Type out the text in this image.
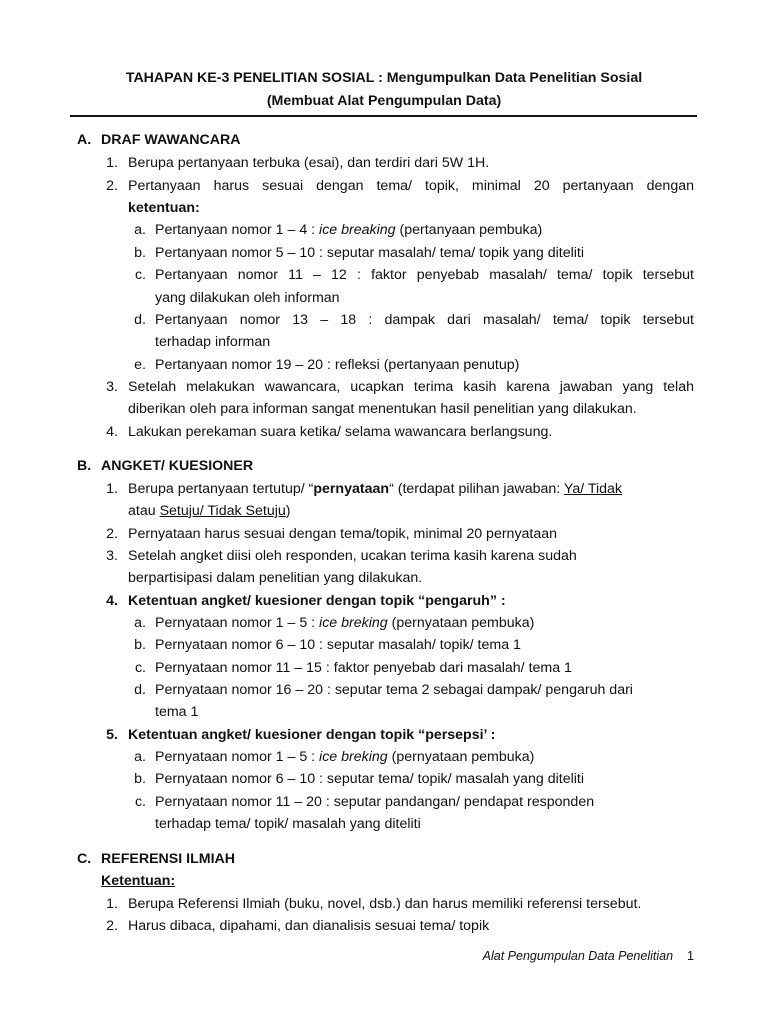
TAHAPAN KE-3 PENELITIAN SOSIAL : Mengumpulkan Data Penelitian Sosial
(Membuat Alat Pengumpulan Data)
A. DRAF WAWANCARA
1. Berupa pertanyaan terbuka (esai), dan terdiri dari 5W 1H.
2. Pertanyaan harus sesuai dengan tema/ topik, minimal 20 pertanyaan dengan
ketentuan:
a. Pertanyaan nomor 1 – 4 : ice breaking (pertanyaan pembuka)
b. Pertanyaan nomor 5 – 10 : seputar masalah/ tema/ topik yang diteliti
c. Pertanyaan nomor 11 – 12 : faktor penyebab masalah/ tema/ topik tersebut
yang dilakukan oleh informan
d. Pertanyaan nomor 13 – 18 : dampak dari masalah/ tema/ topik tersebut
terhadap informan
e. Pertanyaan nomor 19 – 20 : refleksi (pertanyaan penutup)
3. Setelah melakukan wawancara, ucapkan terima kasih karena jawaban yang telah
diberikan oleh para informan sangat menentukan hasil penelitian yang dilakukan.
4. Lakukan perekaman suara ketika/ selama wawancara berlangsung.
B. ANGKET/ KUESIONER
1. Berupa pertanyaan tertutup/ “pernyataan“ (terdapat pilihan jawaban: Ya/ Tidak
atau Setuju/ Tidak Setuju)
2. Pernyataan harus sesuai dengan tema/topik, minimal 20 pernyataan
3. Setelah angket diisi oleh responden, ucakan terima kasih karena sudah
berpartisipasi dalam penelitian yang dilakukan.
4. Ketentuan angket/ kuesioner dengan topik “pengaruh” :
a. Pernyataan nomor 1 – 5 : ice breking (pernyataan pembuka)
b. Pernyataan nomor 6 – 10 : seputar masalah/ topik/ tema 1
c. Pernyataan nomor 11 – 15 : faktor penyebab dari masalah/ tema 1
d. Pernyataan nomor 16 – 20 : seputar tema 2 sebagai dampak/ pengaruh dari
tema 1
5. Ketentuan angket/ kuesioner dengan topik “persepsi’ :
a. Pernyataan nomor 1 – 5 : ice breking (pernyataan pembuka)
b. Pernyataan nomor 6 – 10 : seputar tema/ topik/ masalah yang diteliti
c. Pernyataan nomor 11 – 20 : seputar pandangan/ pendapat responden
terhadap tema/ topik/ masalah yang diteliti
C. REFERENSI ILMIAH
Ketentuan:
1. Berupa Referensi Ilmiah (buku, novel, dsb.) dan harus memiliki referensi tersebut.
2. Harus dibaca, dipahami, dan dianalisis sesuai tema/ topik
Alat Pengumpulan Data Penelitian 1
